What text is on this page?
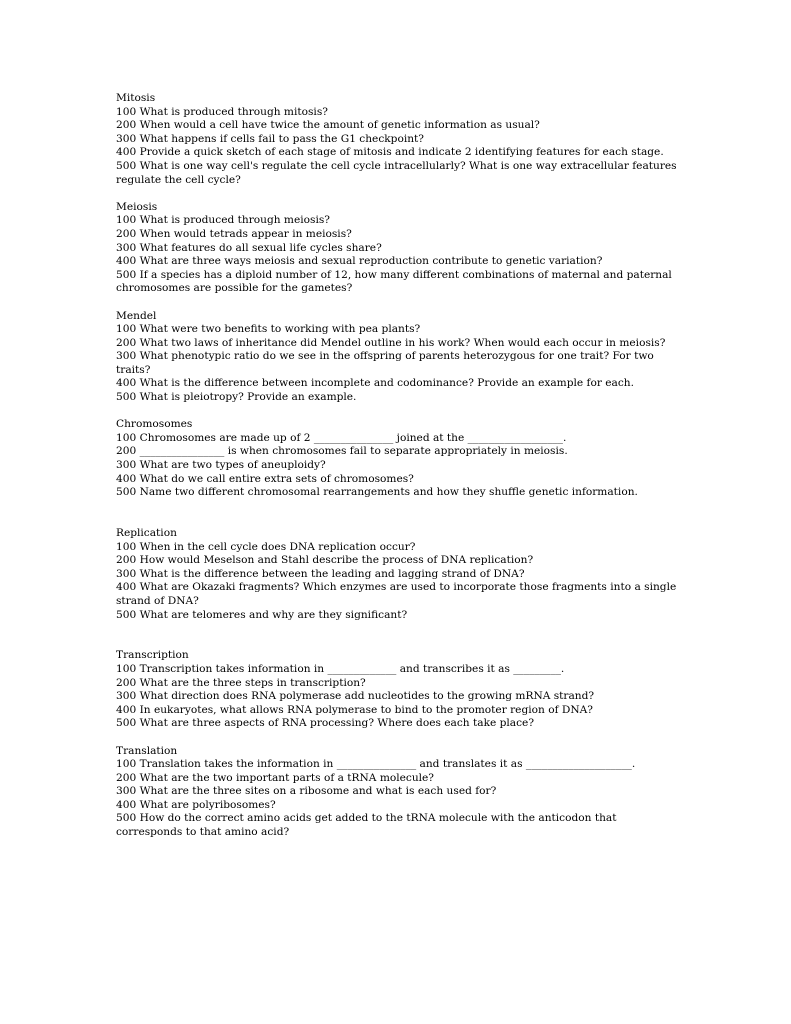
Mitosis
100 What is produced through mitosis?
200 When would a cell have twice the amount of genetic information as usual?
300 What happens if cells fail to pass the G1 checkpoint?
400 Provide a quick sketch of each stage of mitosis and indicate 2 identifying features for each stage.
500 What is one way cell's regulate the cell cycle intracellularly? What is one way extracellular features regulate the cell cycle?
Meiosis
100 What is produced through meiosis?
200 When would tetrads appear in meiosis?
300 What features do all sexual life cycles share?
400 What are three ways meiosis and sexual reproduction contribute to genetic variation?
500 If a species has a diploid number of 12, how many different combinations of maternal and paternal chromosomes are possible for the gametes?
Mendel
100 What were two benefits to working with pea plants?
200 What two laws of inheritance did Mendel outline in his work? When would each occur in meiosis?
300 What phenotypic ratio do we see in the offspring of parents heterozygous for one trait? For two traits?
400 What is the difference between incomplete and codominance? Provide an example for each.
500 What is pleiotropy? Provide an example.
Chromosomes
100 Chromosomes are made up of 2 _______________ joined at the __________________.
200 ________________ is when chromosomes fail to separate appropriately in meiosis.
300 What are two types of aneuploidy?
400 What do we call entire extra sets of chromosomes?
500 Name two different chromosomal rearrangements and how they shuffle genetic information.
Replication
100 When in the cell cycle does DNA replication occur?
200 How would Meselson and Stahl describe the process of DNA replication?
300 What is the difference between the leading and lagging strand of DNA?
400 What are Okazaki fragments? Which enzymes are used to incorporate those fragments into a single strand of DNA?
500 What are telomeres and why are they significant?
Transcription
100 Transcription takes information in _____________ and transcribes it as _________.
200 What are the three steps in transcription?
300 What direction does RNA polymerase add nucleotides to the growing mRNA strand?
400 In eukaryotes, what allows RNA polymerase to bind to the promoter region of DNA?
500 What are three aspects of RNA processing? Where does each take place?
Translation
100 Translation takes the information in _______________ and translates it as ____________________.
200 What are the two important parts of a tRNA molecule?
300 What are the three sites on a ribosome and what is each used for?
400 What are polyribosomes?
500 How do the correct amino acids get added to the tRNA molecule with the anticodon that corresponds to that amino acid?
